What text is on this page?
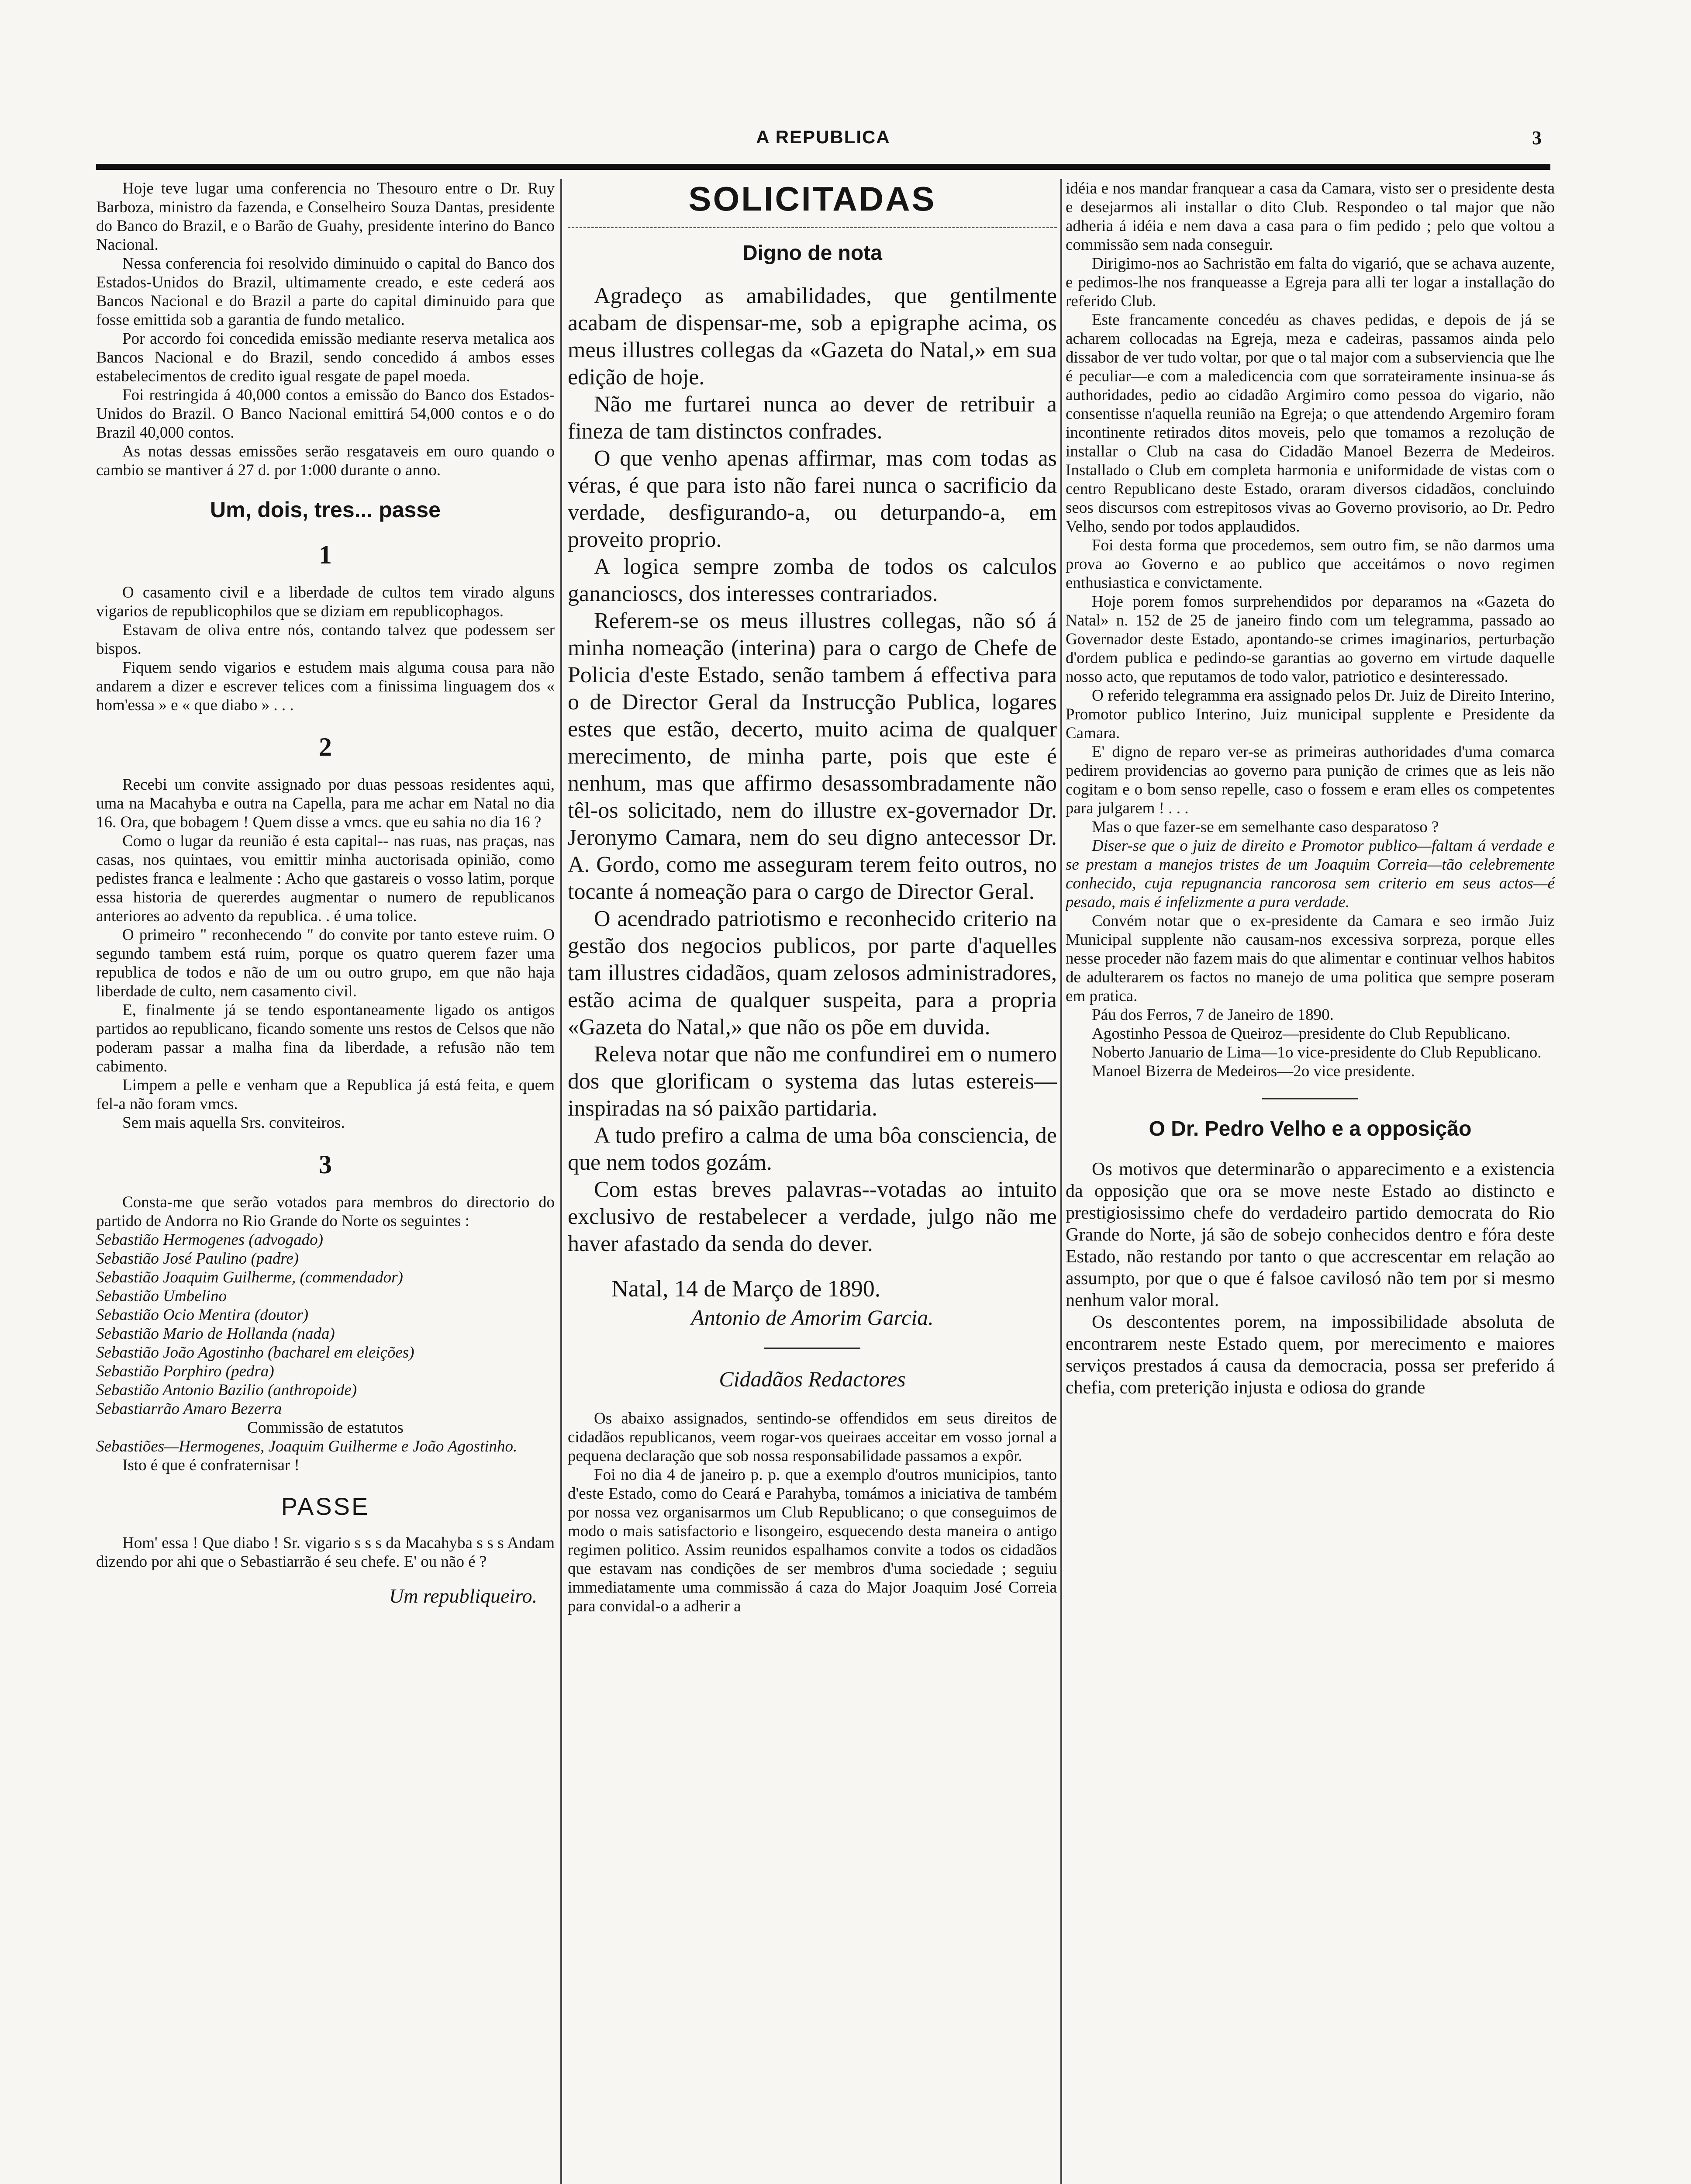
A REPUBLICA	3

Hoje teve lugar uma conferencia no Thesouro entre o Dr. Ruy Barboza, ministro da fazenda, e Conselheiro Souza Dantas, presidente do Banco do Brazil, e o Barão de Guahy, presidente interino do Banco Nacional.

Nessa conferencia foi resolvido diminuido o capital do Banco dos Estados-Unidos do Brazil, ultimamente creado, e este cederá aos Bancos Nacional e do Brazil a parte do capital diminuido para que fosse emittida sob a garantia de fundo metalico.

Por accordo foi concedida emissão mediante reserva metalica aos Bancos Nacional e do Brazil, sendo concedido á ambos esses estabelecimentos de credito igual resgate de papel moeda.

Foi restringida á 40,000 contos a emissão do Banco dos Estados-Unidos do Brazil. O Banco Nacional emittirá 54,000 contos e o do Brazil 40,000 contos.

As notas dessas emissões serão resgataveis em ouro quando o cambio se mantiver á 27 d. por 1:000 durante o anno.

Um, dois, tres... passe
1

O casamento civil e a liberdade de cultos tem virado alguns vigarios de republicophilos que se diziam em republicophagos.

Estavam de oliva entre nós, contando talvez que podessem ser bispos.

Fiquem sendo vigarios e estudem mais alguma cousa para não andarem a dizer e escrever telices com a finissima linguagem dos « hom'essa » e « que diabo » . . .

2

Recebi um convite assignado por duas pessoas residentes aqui, uma na Macahyba e outra na Capella, para me achar em Natal no dia 16. Ora, que bobagem ! Quem disse a vmcs. que eu sahia no dia 16 ?

Como o lugar da reunião é esta capital-- nas ruas, nas praças, nas casas, nos quintaes, vou emittir minha auctorisada opinião, como pedistes franca e lealmente : Acho que gastareis o vosso latim, porque essa historia de quererdes augmentar o numero de republicanos anteriores ao advento da republica. . é uma tolice.

O primeiro " reconhecendo " do convite por tanto esteve ruim. O segundo tambem está ruim, porque os quatro querem fazer uma republica de todos e não de um ou outro grupo, em que não haja liberdade de culto, nem casamento civil.

E, finalmente já se tendo espontaneamente ligado os antigos partidos ao republicano, ficando somente uns restos de Celsos que não poderam passar a malha fina da liberdade, a refusão não tem cabimento.

Limpem a pelle e venham que a Republica já está feita, e quem fel-a não foram vmcs.

Sem mais aquella Srs. conviteiros.

3

Consta-me que serão votados para membros do directorio do partido de Andorra no Rio Grande do Norte os seguintes :

Sebastião Hermogenes (advogado)

Sebastião José Paulino (padre)

Sebastião Joaquim Guilherme, (commendador)

Sebastião Umbelino

Sebastião Ocio Mentira (doutor)

Sebastião Mario de Hollanda (nada)

Sebastião João Agostinho (bacharel em eleições)

Sebastião Porphiro (pedra)

Sebastião Antonio Bazilio (anthropoide)

Sebastiarrão Amaro Bezerra

Commissão de estatutos

Sebastiões—Hermogenes, Joaquim Guilherme e João Agostinho.

Isto é que é confraternisar !

PASSE

Hom' essa ! Que diabo ! Sr. vigario s s s da Macahyba s s s Andam dizendo por ahi que o Sebastiarrão é seu chefe. E' ou não é ?

Um republiqueiro.
SOLICITADAS
Digno de nota

Agradeço as amabilidades, que gentilmente acabam de dispensar-me, sob a epigraphe acima, os meus illustres collegas da «Gazeta do Natal,» em sua edição de hoje.

Não me furtarei nunca ao dever de retribuir a fineza de tam distinctos confrades.

O que venho apenas affirmar, mas com todas as véras, é que para isto não farei nunca o sacrificio da verdade, desfigurando-a, ou deturpando-a, em proveito proprio.

A logica sempre zomba de todos os calculos ganancioscs, dos interesses contrariados.

Referem-se os meus illustres collegas, não só á minha nomeação (interina) para o cargo de Chefe de Policia d'este Estado, senão tambem á effectiva para o de Director Geral da Instrucção Publica, logares estes que estão, decerto, muito acima de qualquer merecimento, de minha parte, pois que este é nenhum, mas que affirmo desassombradamente não têl-os solicitado, nem do illustre ex-governador Dr. Jeronymo Camara, nem do seu digno antecessor Dr. A. Gordo, como me asseguram terem feito outros, no tocante á nomeação para o cargo de Director Geral.

O acendrado patriotismo e reconhecido criterio na gestão dos negocios publicos, por parte d'aquelles tam illustres cidadãos, quam zelosos administradores, estão acima de qualquer suspeita, para a propria «Gazeta do Natal,» que não os põe em duvida.

Releva notar que não me confundirei em o numero dos que glorificam o systema das lutas estereis—inspiradas na só paixão partidaria.

A tudo prefiro a calma de uma bôa consciencia, de que nem todos gozám.

Com estas breves palavras--votadas ao intuito exclusivo de restabelecer a verdade, julgo não me haver afastado da senda do dever.

Natal, 14 de Março de 1890.
Antonio de Amorim Garcia.
Cidadãos Redactores

Os abaixo assignados, sentindo-se offendidos em seus direitos de cidadãos republicanos, veem rogar-vos queiraes acceitar em vosso jornal a pequena declaração que sob nossa responsabilidade passamos a expôr.

Foi no dia 4 de janeiro p. p. que a exemplo d'outros municipios, tanto d'este Estado, como do Ceará e Parahyba, tomámos a iniciativa de também por nossa vez organisarmos um Club Republicano; o que conseguimos de modo o mais satisfactorio e lisongeiro, esquecendo desta maneira o antigo regimen politico. Assim reunidos espalhamos convite a todos os cidadãos que estavam nas condições de ser membros d'uma sociedade ; seguiu immediatamente uma commissão á caza do Major Joaquim José Correia para convidal-o a adherir a

idéia e nos mandar franquear a casa da Camara, visto ser o presidente desta e desejarmos ali installar o dito Club. Respondeo o tal major que não adheria á idéia e nem dava a casa para o fim pedido ; pelo que voltou a commissão sem nada conseguir.

Dirigimo-nos ao Sachristão em falta do vigarió, que se achava auzente, e pedimos-lhe nos franqueasse a Egreja para alli ter logar a installação do referido Club.

Este francamente concedéu as chaves pedidas, e depois de já se acharem collocadas na Egreja, meza e cadeiras, passamos ainda pelo dissabor de ver tudo voltar, por que o tal major com a subserviencia que lhe é peculiar—e com a maledicencia com que sorrateiramente insinua-se ás authoridades, pedio ao cidadão Argimiro como pessoa do vigario, não consentisse n'aquella reunião na Egreja; o que attendendo Argemiro foram incontinente retirados ditos moveis, pelo que tomamos a rezolução de installar o Club na casa do Cidadão Manoel Bezerra de Medeiros. Installado o Club em completa harmonia e uniformidade de vistas com o centro Republicano deste Estado, oraram diversos cidadãos, concluindo seos discursos com estrepitosos vivas ao Governo provisorio, ao Dr. Pedro Velho, sendo por todos applaudidos.

Foi desta forma que procedemos, sem outro fim, se não darmos uma prova ao Governo e ao publico que acceitámos o novo regimen enthusiastica e convictamente.

Hoje porem fomos surprehendidos por deparamos na «Gazeta do Natal» n. 152 de 25 de janeiro findo com um telegramma, passado ao Governador deste Estado, apontando-se crimes imaginarios, perturbação d'ordem publica e pedindo-se garantias ao governo em virtude daquelle nosso acto, que reputamos de todo valor, patriotico e desinteressado.

O referido telegramma era assignado pelos Dr. Juiz de Direito Interino, Promotor publico Interino, Juiz municipal supplente e Presidente da Camara.

E' digno de reparo ver-se as primeiras authoridades d'uma comarca pedirem providencias ao governo para punição de crimes que as leis não cogitam e o bom senso repelle, caso o fossem e eram elles os competentes para julgarem ! . . .

Mas o que fazer-se em semelhante caso desparatoso ?

Diser-se que o juiz de direito e Promotor publico—faltam á verdade e se prestam a manejos tristes de um Joaquim Correia—tão celebremente conhecido, cuja repugnancia rancorosa sem criterio em seus actos—é pesado, mais é infelizmente a pura verdade.

Convém notar que o ex-presidente da Camara e seo irmão Juiz Municipal supplente não causam-nos excessiva sorpreza, porque elles nesse proceder não fazem mais do que alimentar e continuar velhos habitos de adulterarem os factos no manejo de uma politica que sempre poseram em pratica.

Páu dos Ferros, 7 de Janeiro de 1890.

Agostinho Pessoa de Queiroz—presidente do Club Republicano.

Noberto Januario de Lima—1o vice-presidente do Club Republicano.

Manoel Bizerra de Medeiros—2o vice presidente.

O Dr. Pedro Velho e a opposição

Os motivos que determinarão o apparecimento e a existencia da opposição que ora se move neste Estado ao distincto e prestigiosissimo chefe do verdadeiro partido democrata do Rio Grande do Norte, já são de sobejo conhecidos dentro e fóra deste Estado, não restando por tanto o que accrescentar em relação ao assumpto, por que o que é falsoe cavilosó não tem por si mesmo nenhum valor moral.

Os descontentes porem, na impossibilidade absoluta de encontrarem neste Estado quem, por merecimento e maiores serviços prestados á causa da democracia, possa ser preferido á chefia, com preterição injusta e odiosa do grande
